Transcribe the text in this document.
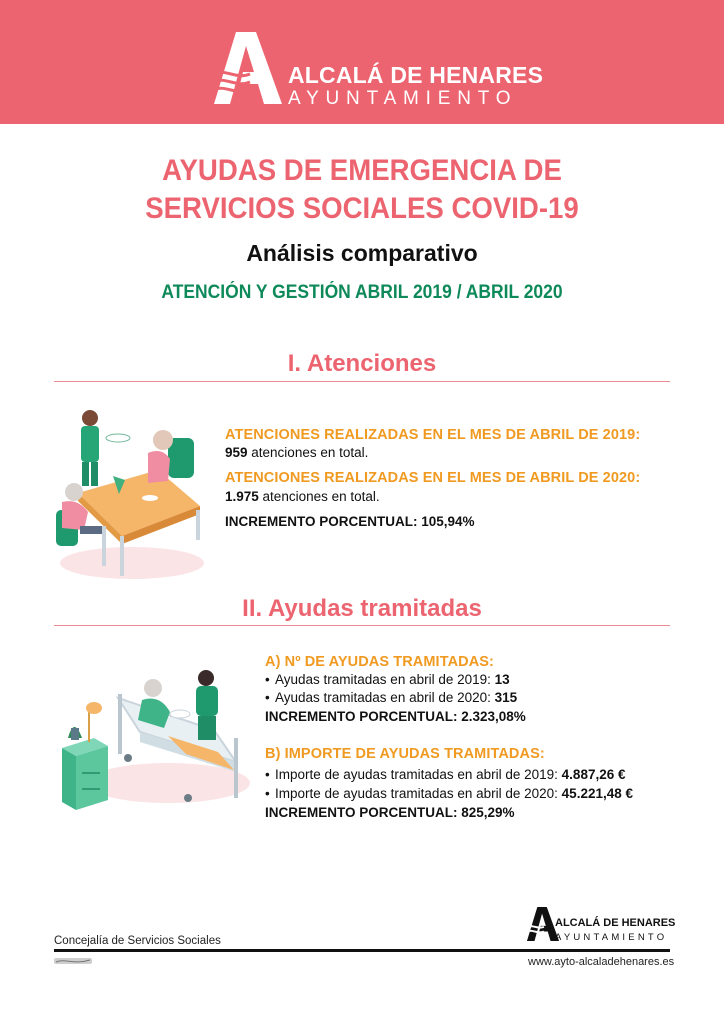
ALCALÁ DE HENARES
AYUNTAMIENTO
AYUDAS DE EMERGENCIA DE
SERVICIOS SOCIALES COVID-19
Análisis comparativo
ATENCIÓN Y GESTIÓN ABRIL 2019 / ABRIL 2020
I. Atenciones
ATENCIONES REALIZADAS EN EL MES DE ABRIL DE 2019:
959 atenciones en total.
ATENCIONES REALIZADAS EN EL MES DE ABRIL DE 2020:
1.975 atenciones en total.
INCREMENTO PORCENTUAL: 105,94%
II. Ayudas tramitadas
A) Nº DE AYUDAS TRAMITADAS:
• Ayudas tramitadas en abril de 2019: 13
• Ayudas tramitadas en abril de 2020: 315
INCREMENTO PORCENTUAL: 2.323,08%
B) IMPORTE DE AYUDAS TRAMITADAS:
• Importe de ayudas tramitadas en abril de 2019: 4.887,26 €
• Importe de ayudas tramitadas en abril de 2020: 45.221,48 €
INCREMENTO PORCENTUAL: 825,29%
Concejalía de Servicios Sociales
ALCALÁ DE HENARES
AYUNTAMIENTO
www.ayto-alcaladehenares.es
